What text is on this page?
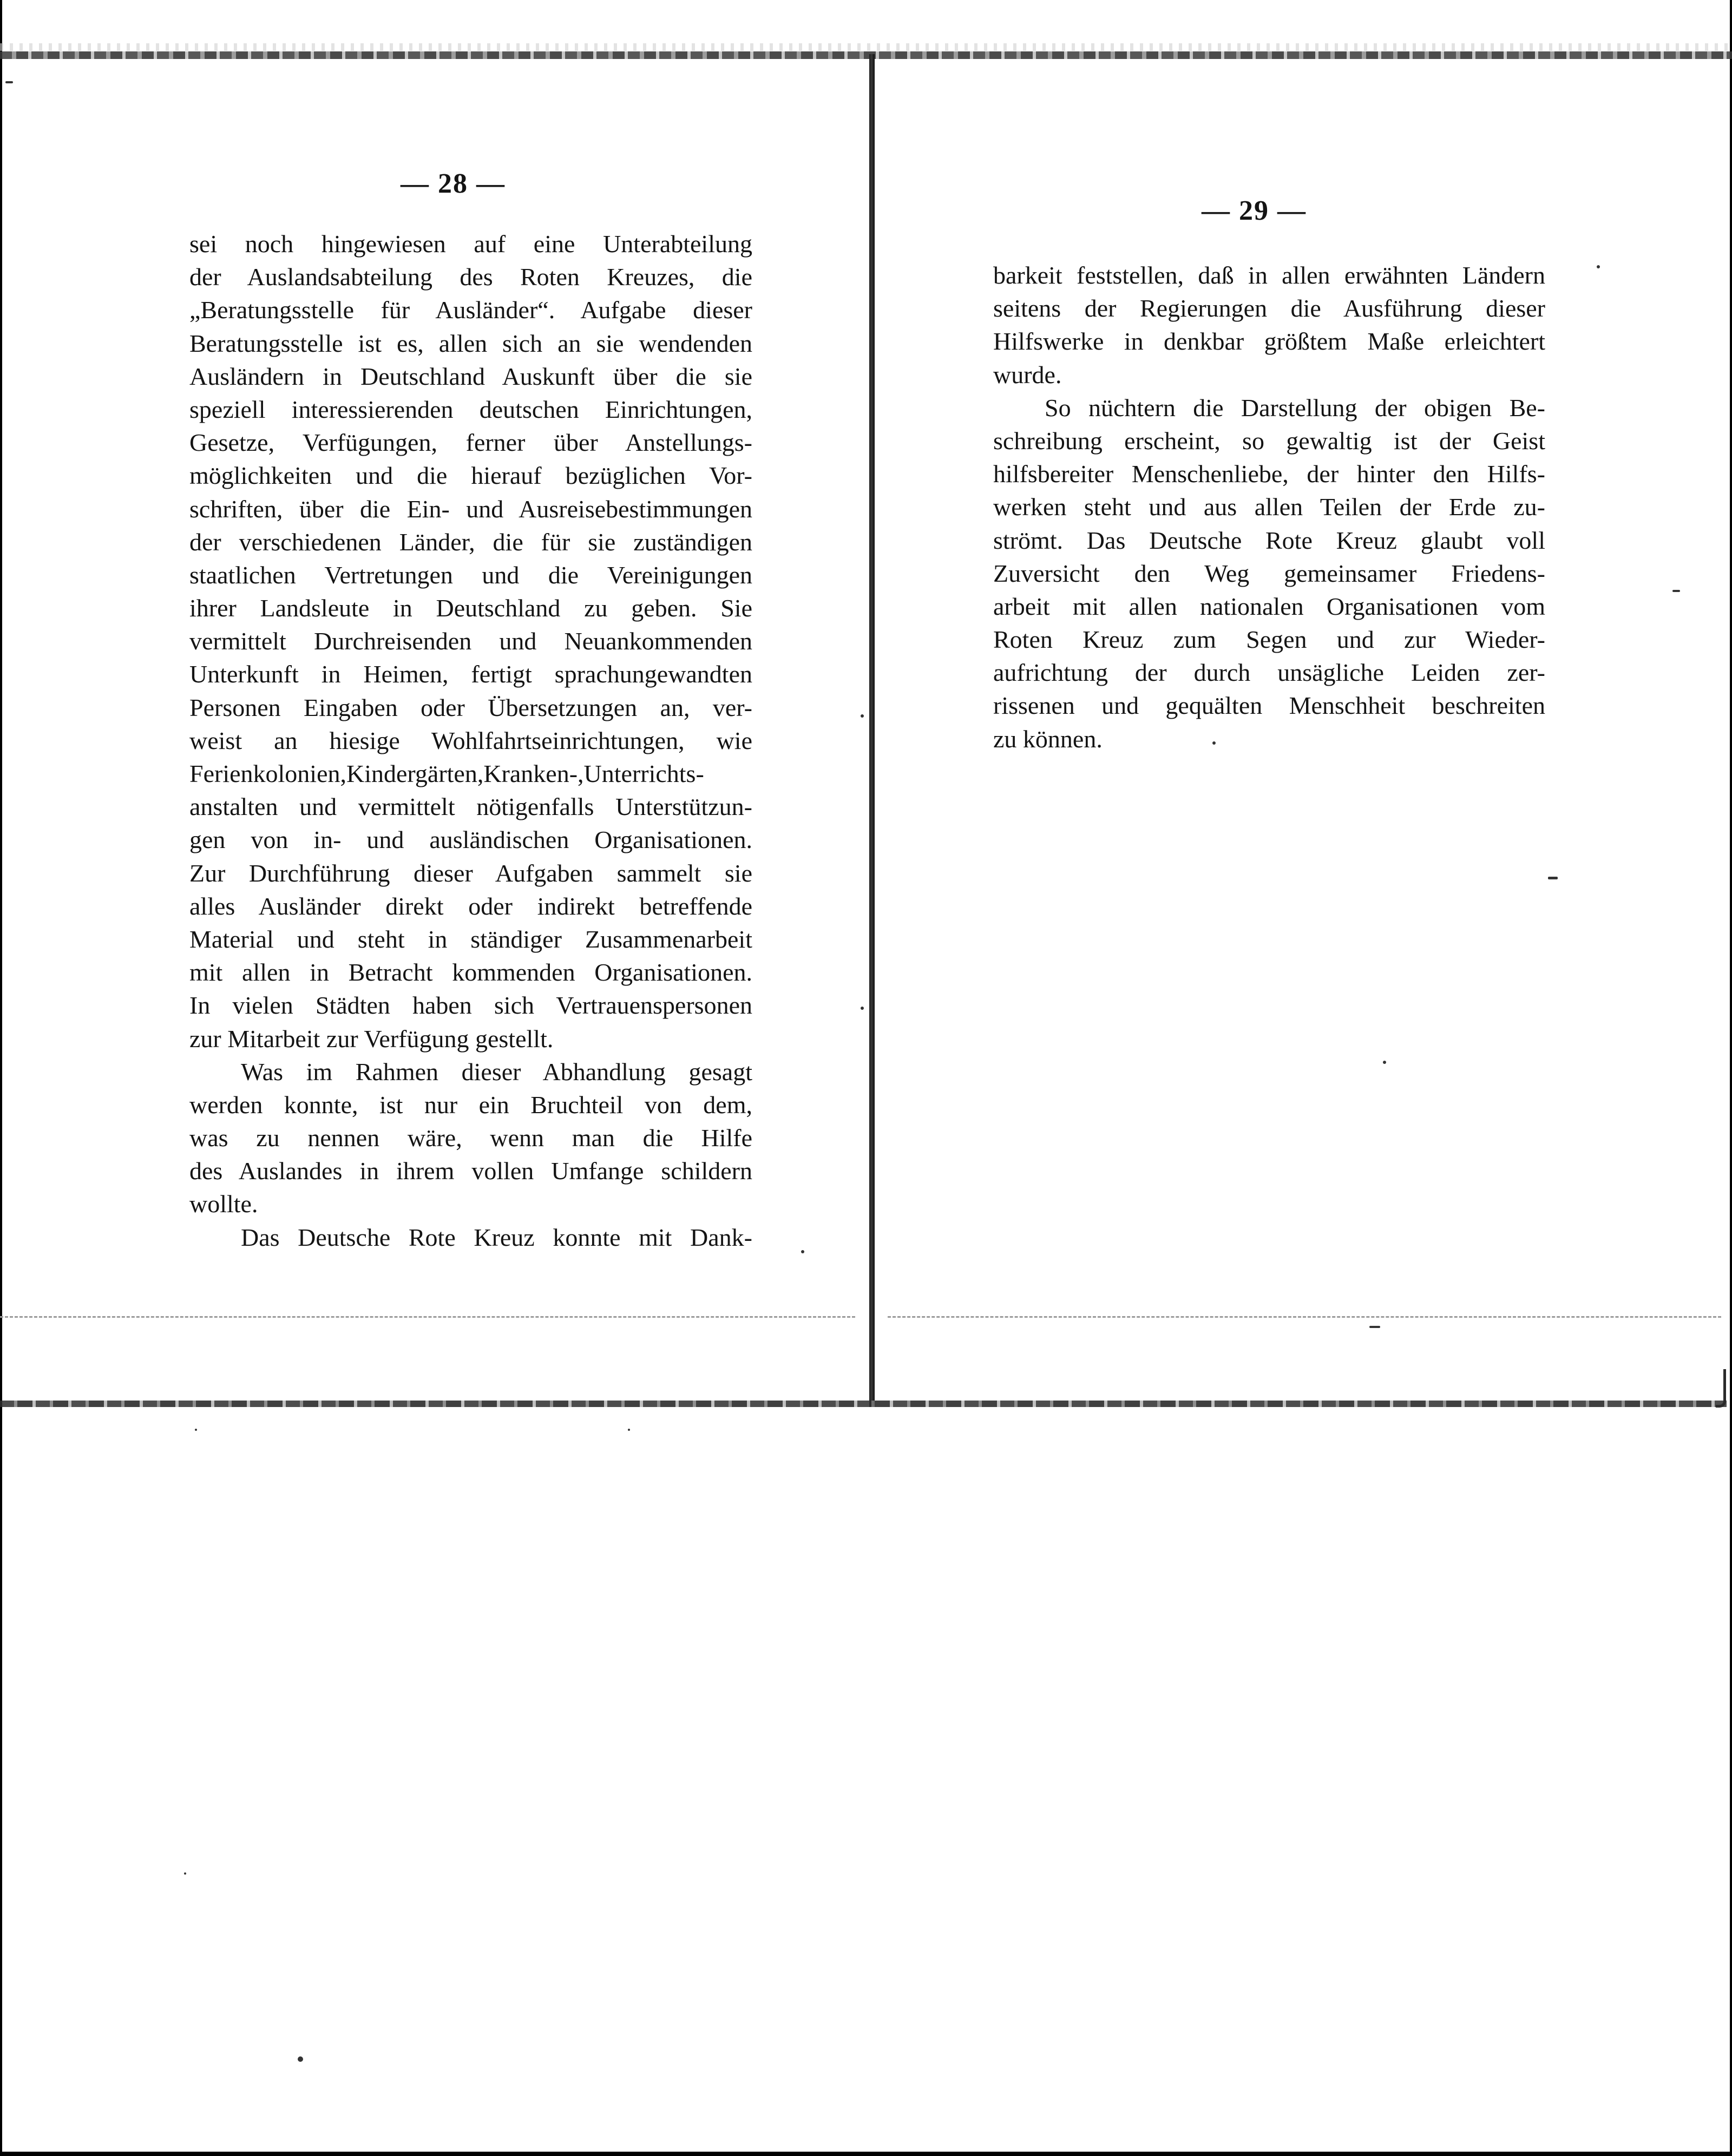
— 28 —
sei noch hingewiesen auf eine Unterabteilung
der Auslandsabteilung des Roten Kreuzes, die
„Beratungsstelle für Ausländer“. Aufgabe dieser
Beratungsstelle ist es, allen sich an sie wendenden
Ausländern in Deutschland Auskunft über die sie
speziell interessierenden deutschen Einrichtungen,
Gesetze, Verfügungen, ferner über Anstellungs-
möglichkeiten und die hierauf bezüglichen Vor-
schriften, über die Ein- und Ausreisebestimmungen
der verschiedenen Länder, die für sie zuständigen
staatlichen Vertretungen und die Vereinigungen
ihrer Landsleute in Deutschland zu geben. Sie
vermittelt Durchreisenden und Neuankommenden
Unterkunft in Heimen, fertigt sprachungewandten
Personen Eingaben oder Übersetzungen an, ver-
weist an hiesige Wohlfahrtseinrichtungen, wie
Ferienkolonien,Kindergärten,Kranken-,Unterrichts-
anstalten und vermittelt nötigenfalls Unterstützun-
gen von in- und ausländischen Organisationen.
Zur Durchführung dieser Aufgaben sammelt sie
alles Ausländer direkt oder indirekt betreffende
Material und steht in ständiger Zusammenarbeit
mit allen in Betracht kommenden Organisationen.
In vielen Städten haben sich Vertrauenspersonen
zur Mitarbeit zur Verfügung gestellt.
Was im Rahmen dieser Abhandlung gesagt
werden konnte, ist nur ein Bruchteil von dem,
was zu nennen wäre, wenn man die Hilfe
des Auslandes in ihrem vollen Umfange schildern
wollte.
Das Deutsche Rote Kreuz konnte mit Dank-
— 29 —
barkeit feststellen, daß in allen erwähnten Ländern
seitens der Regierungen die Ausführung dieser
Hilfswerke in denkbar größtem Maße erleichtert
wurde.
So nüchtern die Darstellung der obigen Be-
schreibung erscheint, so gewaltig ist der Geist
hilfsbereiter Menschenliebe, der hinter den Hilfs-
werken steht und aus allen Teilen der Erde zu-
strömt. Das Deutsche Rote Kreuz glaubt voll
Zuversicht den Weg gemeinsamer Friedens-
arbeit mit allen nationalen Organisationen vom
Roten Kreuz zum Segen und zur Wieder-
aufrichtung der durch unsägliche Leiden zer-
rissenen und gequälten Menschheit beschreiten
zu können.
